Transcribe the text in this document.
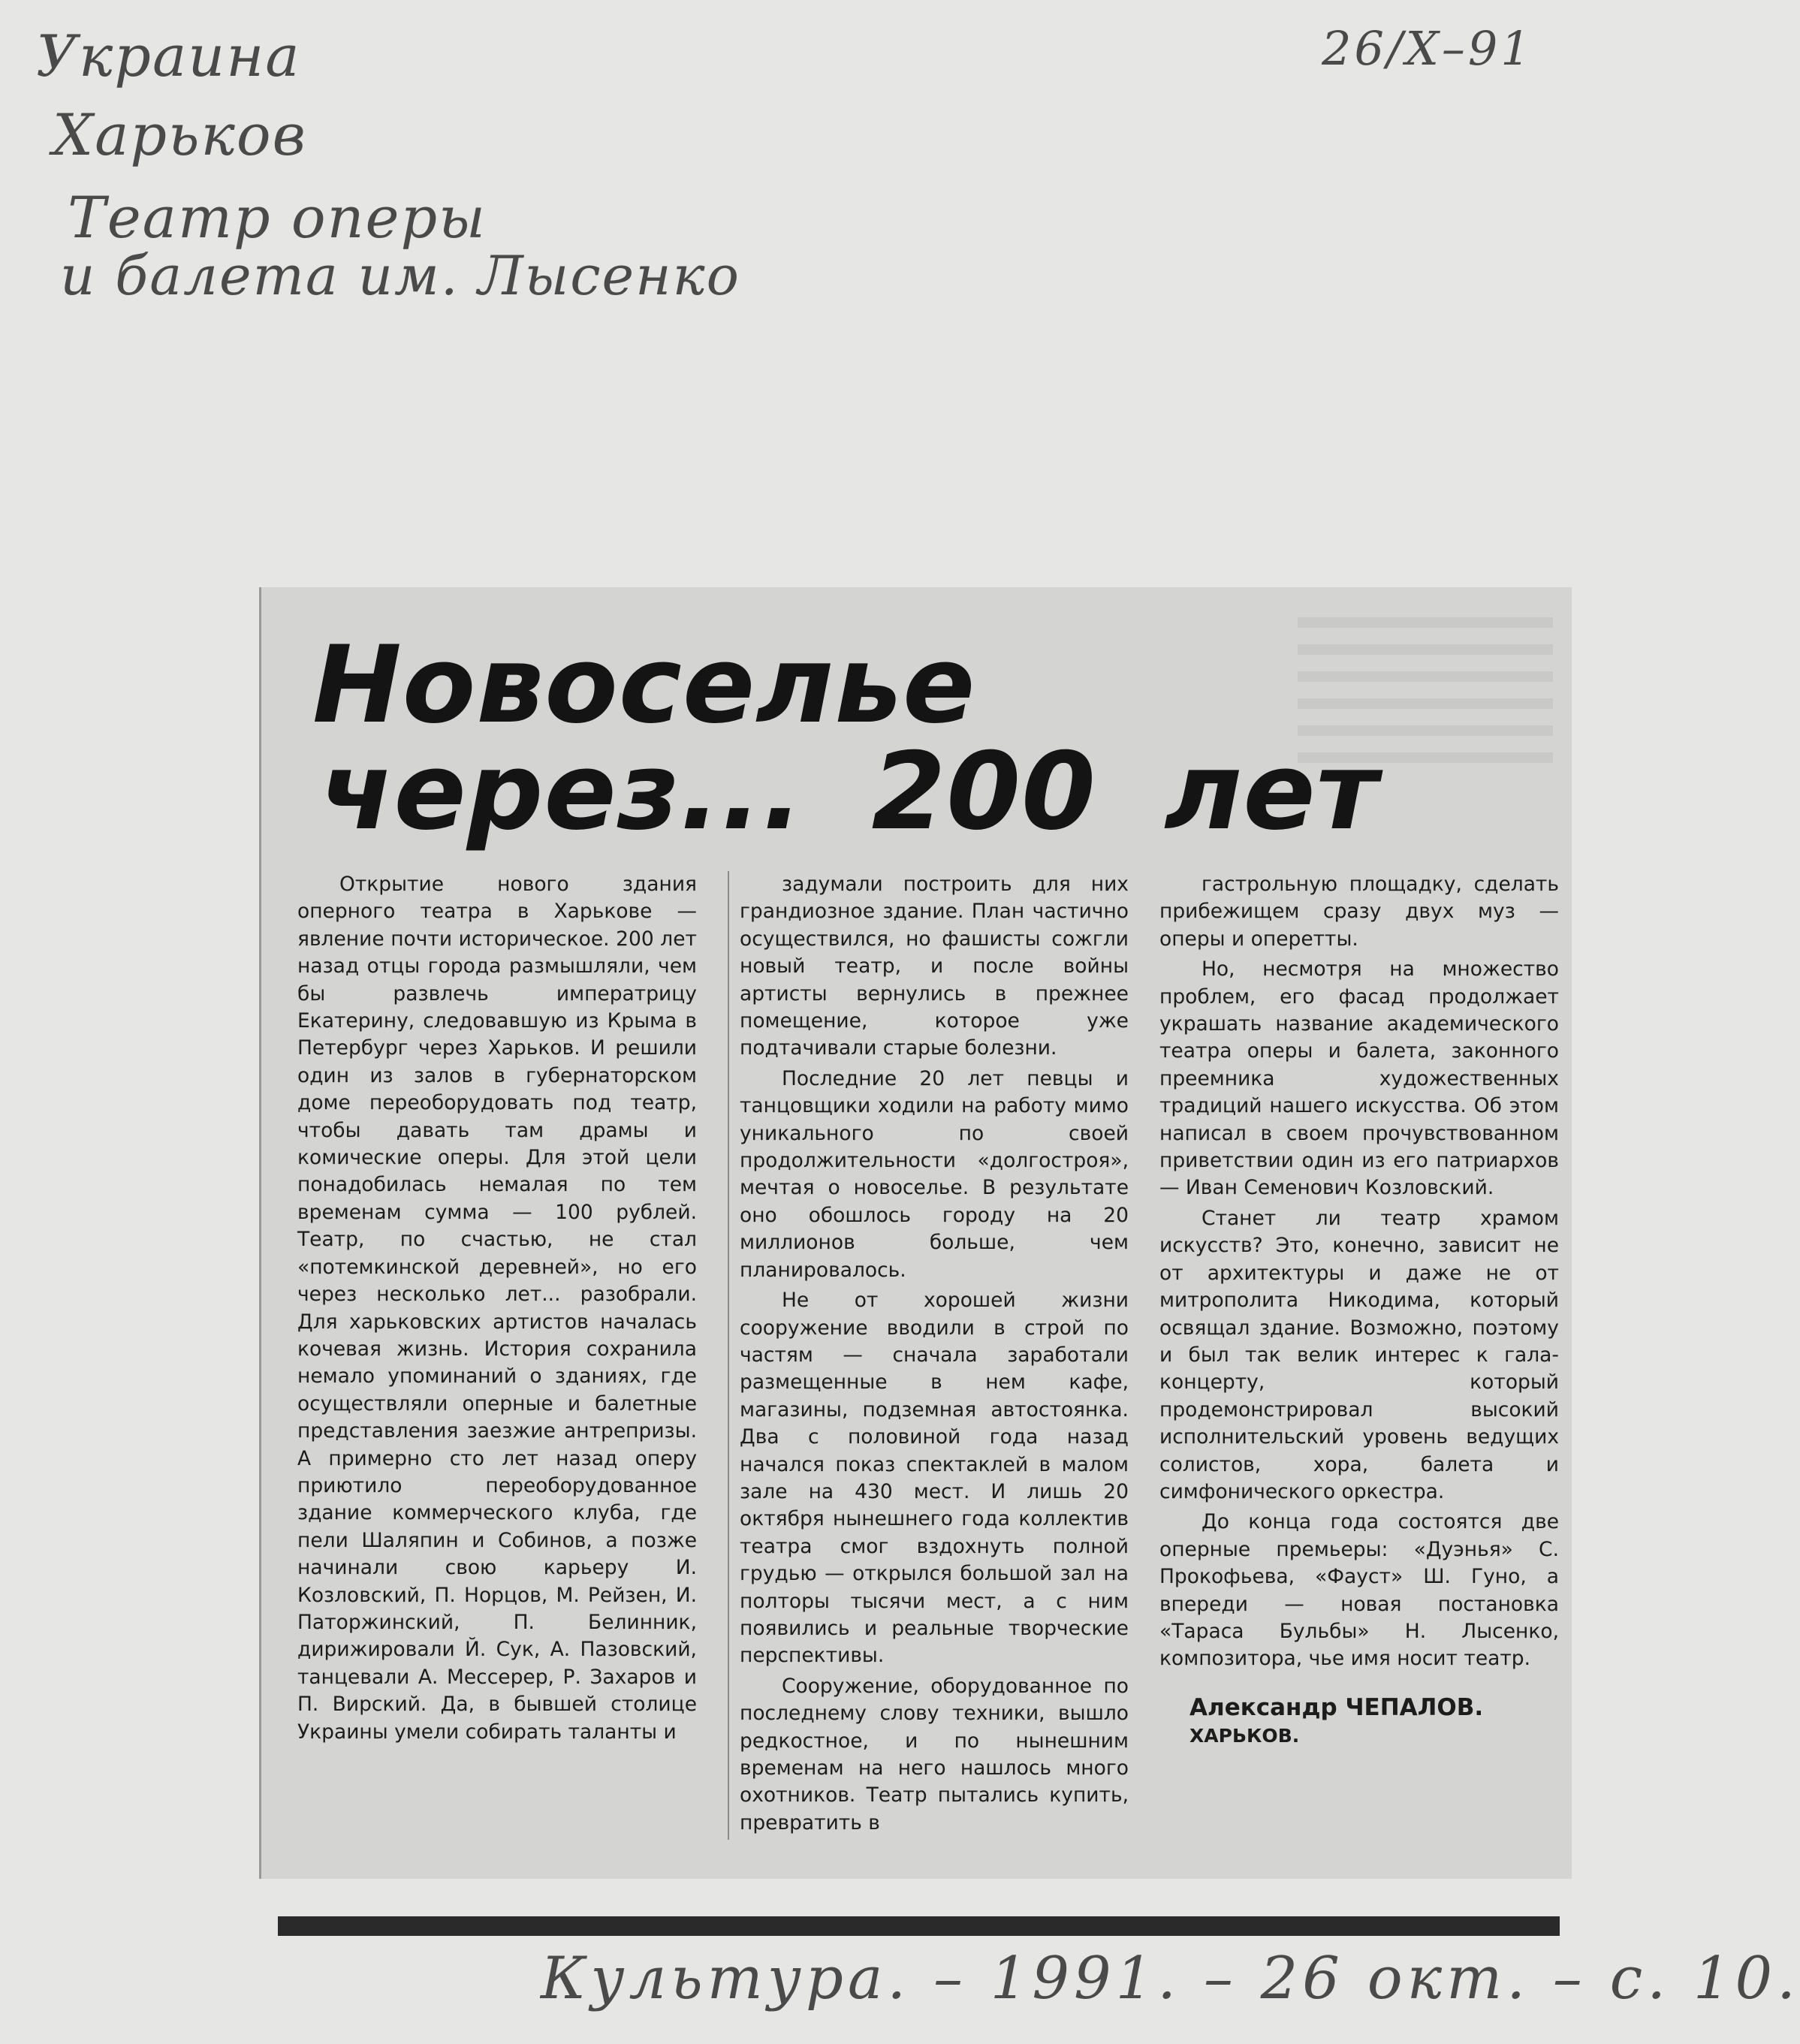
Украина
Харьков
Театр оперы
и балета им. Лысенко
26/X–91
Новоселье
через... 200 лет

Открытие нового здания оперного театра в Харькове — явление почти историческое. 200 лет назад отцы города размышляли, чем бы развлечь императрицу Екатерину, следовавшую из Крыма в Петербург через Харьков. И решили один из залов в губернаторском доме переоборудовать под театр, чтобы давать там драмы и комические оперы. Для этой цели понадобилась немалая по тем временам сумма — 100 рублей. Театр, по счастью, не стал «потемкинской деревней», но его через несколько лет... разобрали. Для харьковских артистов началась кочевая жизнь. История сохранила немало упоминаний о зданиях, где осуществляли оперные и балетные представления заезжие антрепризы. А примерно сто лет назад оперу приютило переоборудованное здание коммерческого клуба, где пели Шаляпин и Собинов, а позже начинали свою карьеру И. Козловский, П. Норцов, М. Рейзен, И. Паторжинский, П. Белинник, дирижировали Й. Сук, А. Пазовский, танцевали А. Мессерер, Р. Захаров и П. Вирский. Да, в бывшей столице Украины умели собирать таланты и

задумали построить для них грандиозное здание. План частично осуществился, но фашисты сожгли новый театр, и после войны артисты вернулись в прежнее помещение, которое уже подтачивали старые болезни.

Последние 20 лет певцы и танцовщики ходили на работу мимо уникального по своей продолжительности «долгостроя», мечтая о новоселье. В результате оно обошлось городу на 20 миллионов больше, чем планировалось.

Не от хорошей жизни сооружение вводили в строй по частям — сначала заработали размещенные в нем кафе, магазины, подземная автостоянка. Два с половиной года назад начался показ спектаклей в малом зале на 430 мест. И лишь 20 октября нынешнего года коллектив театра смог вздохнуть полной грудью — открылся большой зал на полторы тысячи мест, а с ним появились и реальные творческие перспективы.

Сооружение, оборудованное по последнему слову техники, вышло редкостное, и по нынешним временам на него нашлось много охотников. Театр пытались купить, превратить в

гастрольную площадку, сделать прибежищем сразу двух муз — оперы и оперетты.

Но, несмотря на множество проблем, его фасад продолжает украшать название академического театра оперы и балета, законного преемника художественных традиций нашего искусства. Об этом написал в своем прочувствованном приветствии один из его патриархов — Иван Семенович Козловский.

Станет ли театр храмом искусств? Это, конечно, зависит не от архитектуры и даже не от митрополита Никодима, который освящал здание. Возможно, поэтому и был так велик интерес к гала-концерту, который продемонстрировал высокий исполнительский уровень ведущих солистов, хора, балета и симфонического оркестра.

До конца года состоятся две оперные премьеры: «Дуэнья» С. Прокофьева, «Фауст» Ш. Гуно, а впереди — новая постановка «Тараса Бульбы» Н. Лысенко, композитора, чье имя носит театр.

Александр ЧЕПАЛОВ.
ХАРЬКОВ.
Культура. – 1991. – 26 окт. – с. 10.
